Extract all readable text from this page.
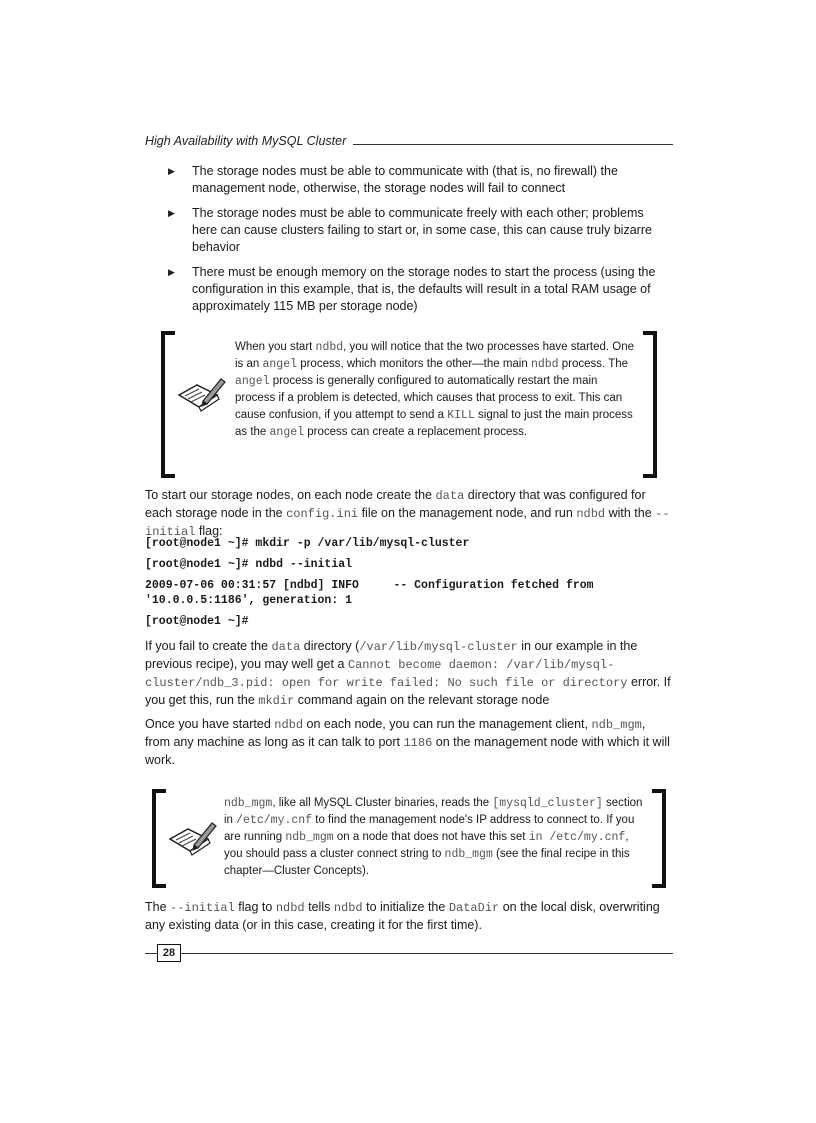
High Availability with MySQL Cluster
▶ The storage nodes must be able to communicate with (that is, no firewall) the management node, otherwise, the storage nodes will fail to connect
▶ The storage nodes must be able to communicate freely with each other; problems here can cause clusters failing to start or, in some case, this can cause truly bizarre behavior
▶ There must be enough memory on the storage nodes to start the process (using the configuration in this example, that is, the defaults will result in a total RAM usage of approximately 115 MB per storage node)
When you start ndbd, you will notice that the two processes have started. One is an angel process, which monitors the other—the main ndbd process. The angel process is generally configured to automatically restart the main process if a problem is detected, which causes that process to exit. This can cause confusion, if you attempt to send a KILL signal to just the main process as the angel process can create a replacement process.

To start our storage nodes, on each node create the data directory that was configured for each storage node in the config.ini file on the management node, and run ndbd with the --initial flag:

[root@node1 ~]# mkdir -p /var/lib/mysql-cluster
[root@node1 ~]# ndbd --initial
2009-07-06 00:31:57 [ndbd] INFO     -- Configuration fetched from
'10.0.0.5:1186', generation: 1
[root@node1 ~]#

If you fail to create the data directory (/var/lib/mysql-cluster in our example in the previous recipe), you may well get a Cannot become daemon: /var/lib/mysql-cluster/ndb_3.pid: open for write failed: No such file or directory error. If you get this, run the mkdir command again on the relevant storage node

Once you have started ndbd on each node, you can run the management client, ndb_mgm, from any machine as long as it can talk to port 1186 on the management node with which it will work.

ndb_mgm, like all MySQL Cluster binaries, reads the [mysqld_cluster] section in /etc/my.cnf to find the management node's IP address to connect to. If you are running ndb_mgm on a node that does not have this set in /etc/my.cnf, you should pass a cluster connect string to ndb_mgm (see the final recipe in this chapter—Cluster Concepts).

The --initial flag to ndbd tells ndbd to initialize the DataDir on the local disk, overwriting any existing data (or in this case, creating it for the first time).

28
